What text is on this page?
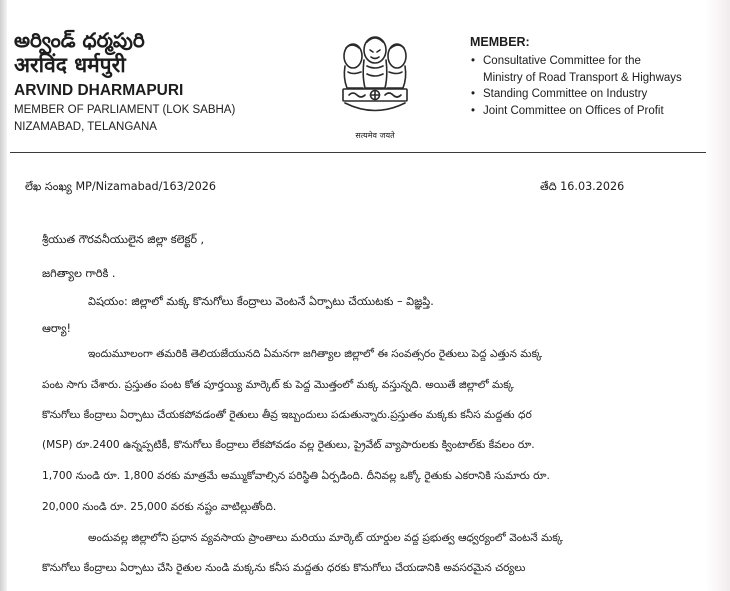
అర్విండ్ ధర్మపురి
अरविंद धर्मपुरी
ARVIND DHARMAPURI
MEMBER OF PARLIAMENT (LOK SABHA)
NIZAMABAD, TELANGANA
सत्यमेव जयते
MEMBER:
• Consultative Committee for the
Ministry of Road Transport & Highways
• Standing Committee on Industry
• Joint Committee on Offices of Profit
లేఖ సంఖ్య MP/Nizamabad/163/2026	తేది 16.03.2026
శ్రీయుత గౌరవనీయులైన జిల్లా కలెక్టర్ ,
జగిత్యాల గారికి .
విషయం: జిల్లాలో మక్క కొనుగోలు కేంద్రాలు వెంటనే ఏర్పాటు చేయుటకు – విజ్ఞప్తి.
ఆర్యా!
ఇందుమూలంగా తమరికి తెలియజేయునది ఏమనగా జగిత్యాల జిల్లాలో ఈ సంవత్సరం రైతులు పెద్ద ఎత్తున మక్క
పంట సాగు చేశారు. ప్రస్తుతం పంట కోత పూర్తయ్యి మార్కెట్ కు పెద్ద మొత్తంలో మక్క వస్తున్నది. అయితే జిల్లాలో మక్క
కొనుగోలు కేంద్రాలు ఏర్పాటు చేయకపోవడంతో రైతులు తీవ్ర ఇబ్బందులు పడుతున్నారు.ప్రస్తుతం మక్కకు కనీస మద్దతు ధర
(MSP) రూ.2400 ఉన్నప్పటికీ, కొనుగోలు కేంద్రాలు లేకపోవడం వల్ల రైతులు, ప్రైవేట్ వ్యాపారులకు క్వింటాల్‌కు కేవలం రూ.
1,700 నుండి రూ. 1,800 వరకు మాత్రమే అమ్ముకోవాల్సిన పరిస్థితి ఏర్పడింది. దీనివల్ల ఒక్కో రైతుకు ఎకరానికి సుమారు రూ.
20,000 నుండి రూ. 25,000 వరకు నష్టం వాటిల్లుతోంది.
అందువల్ల జిల్లాలోని ప్రధాన వ్యవసాయ ప్రాంతాలు మరియు మార్కెట్ యార్డుల వద్ద ప్రభుత్వ ఆధ్వర్యంలో వెంటనే మక్క
కొనుగోలు కేంద్రాలు ఏర్పాటు చేసి రైతుల నుండి మక్కను కనీస మద్దతు ధరకు కొనుగోలు చేయడానికి అవసరమైన చర్యలు
